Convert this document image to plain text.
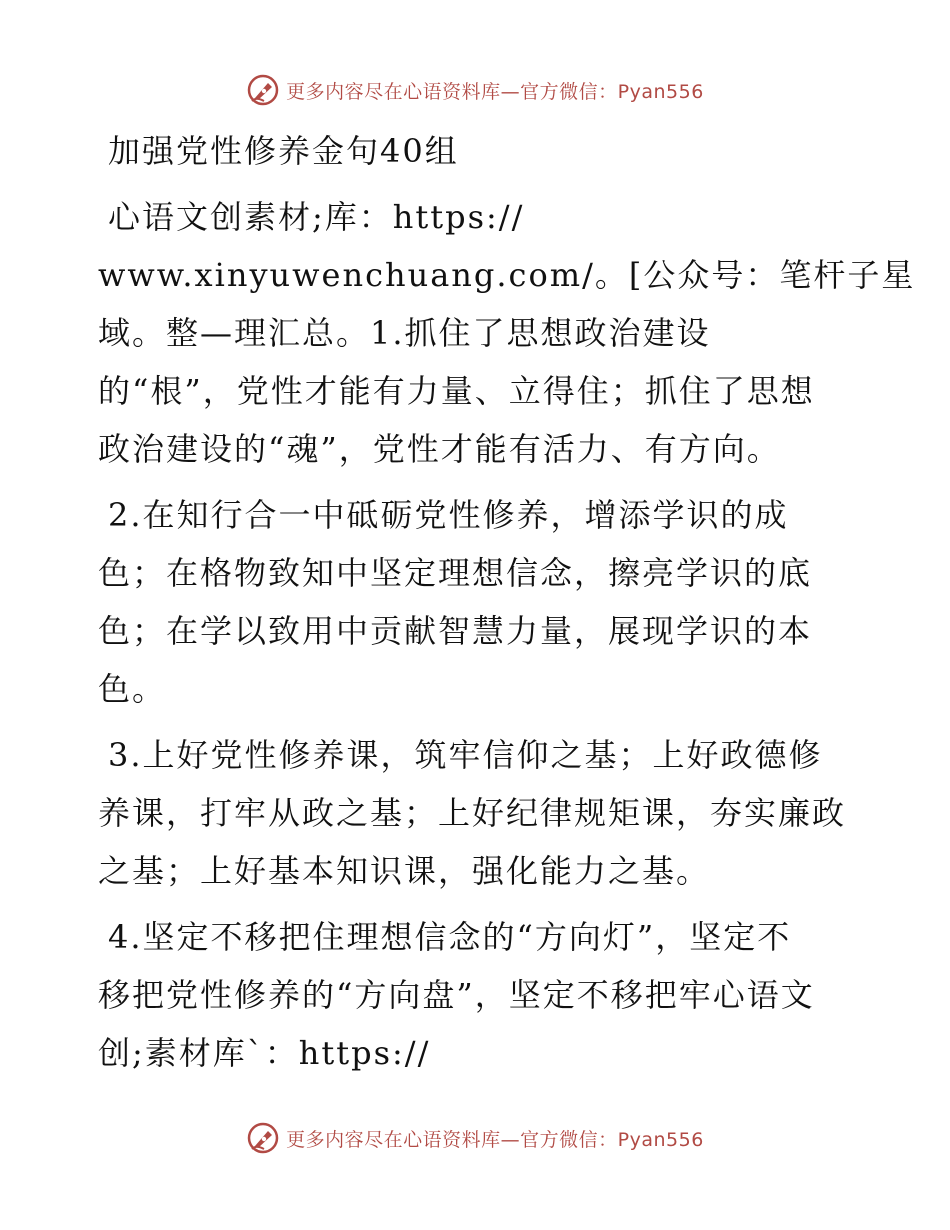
更多内容尽在心语资料库—官方微信：Pyan556
加强党性修养金句40组
心语文创素材;库：https://
www.xinyuwenchuang.com/。[公众号：笔杆子星
域。整—理汇总。1.抓住了思想政治建设
的“根”，党性才能有力量、立得住；抓住了思想
政治建设的“魂”，党性才能有活力、有方向。
2.在知行合一中砥砺党性修养，增添学识的成
色；在格物致知中坚定理想信念，擦亮学识的底
色；在学以致用中贡献智慧力量，展现学识的本
色。
3.上好党性修养课，筑牢信仰之基；上好政德修
养课，打牢从政之基；上好纪律规矩课，夯实廉政
之基；上好基本知识课，强化能力之基。
4.坚定不移把住理想信念的“方向灯”，坚定不
移把党性修养的“方向盘”，坚定不移把牢心语文
创;素材库`：https://
更多内容尽在心语资料库—官方微信：Pyan556
